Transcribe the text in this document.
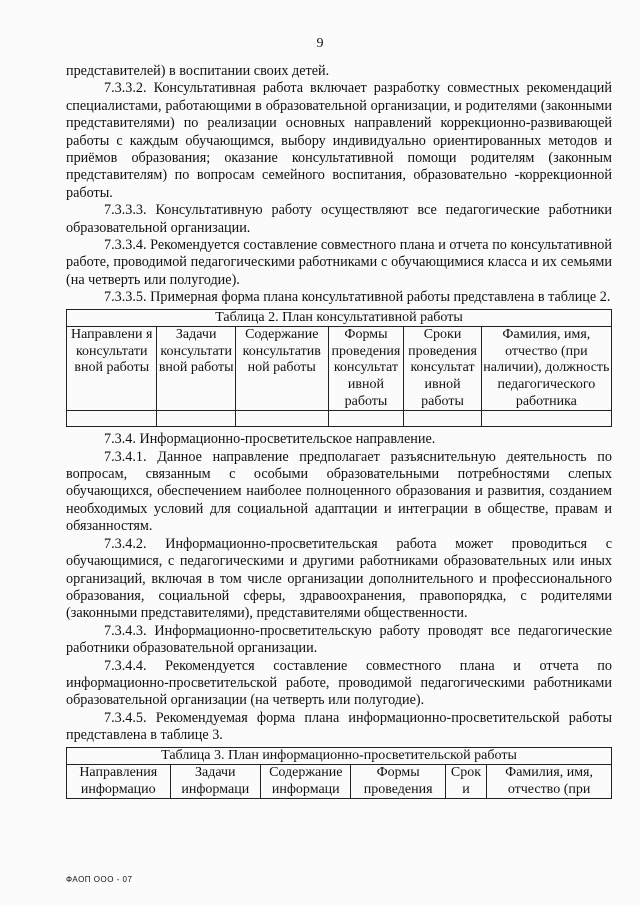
9

представителей) в воспитании своих детей.

7.3.3.2. Консультативная работа включает разработку совместных рекомендаций специалистами, работающими в образовательной организации, и родителями (законными представителями) по реализации основных направлений коррекционно-развивающей работы с каждым обучающимся, выбору индивидуально ориентированных методов и приёмов образования; оказание консультативной помощи родителям (законным представителям) по вопросам семейного воспитания, образовательно -коррекционной работы.

7.3.3.3. Консультативную работу осуществляют все педагогические работники образовательной организации.

7.3.3.4. Рекомендуется составление совместного плана и отчета по консультативной работе, проводимой педагогическими работниками с обучающимися класса и их семьями (на четверть или полугодие).

7.3.3.5. Примерная форма плана консультативной работы представлена в таблице 2.

Таблица 2. План консультативной работы					
Направлени я консультати вной работы	Задачи консультати вной работы	Содержание консультатив ной работы	Формы проведения консультат ивной работы	Сроки проведения консультат ивной работы	Фамилия, имя, отчество (при наличии), должность педагогического работника

7.3.4. Информационно-просветительское направление.

7.3.4.1. Данное направление предполагает разъяснительную деятельность по вопросам, связанным с особыми образовательными потребностями слепых обучающихся, обеспечением наиболее полноценного образования и развития, созданием необходимых условий для социальной адаптации и интеграции в обществе, правам и обязанностям.

7.3.4.2. Информационно-просветительская работа может проводиться с обучающимися, с педагогическими и другими работниками образовательных или иных организаций, включая в том числе организации дополнительного и профессионального образования, социальной сферы, здравоохранения, правопорядка, с родителями (законными представителями), представителями общественности.

7.3.4.3. Информационно-просветительскую работу проводят все педагогические работники образовательной организации.

7.3.4.4. Рекомендуется составление совместного плана и отчета по информационно-просветительской работе, проводимой педагогическими работниками образовательной организации (на четверть или полугодие).

7.3.4.5. Рекомендуемая форма плана информационно-просветительской работы представлена в таблице 3.

Таблица 3. План информационно-просветительской работы
Направления информацио	Задачи информаци	Содержание информаци	Формы проведения	Срок и	Фамилия, имя, отчество (при
ФАОП ООО - 07
